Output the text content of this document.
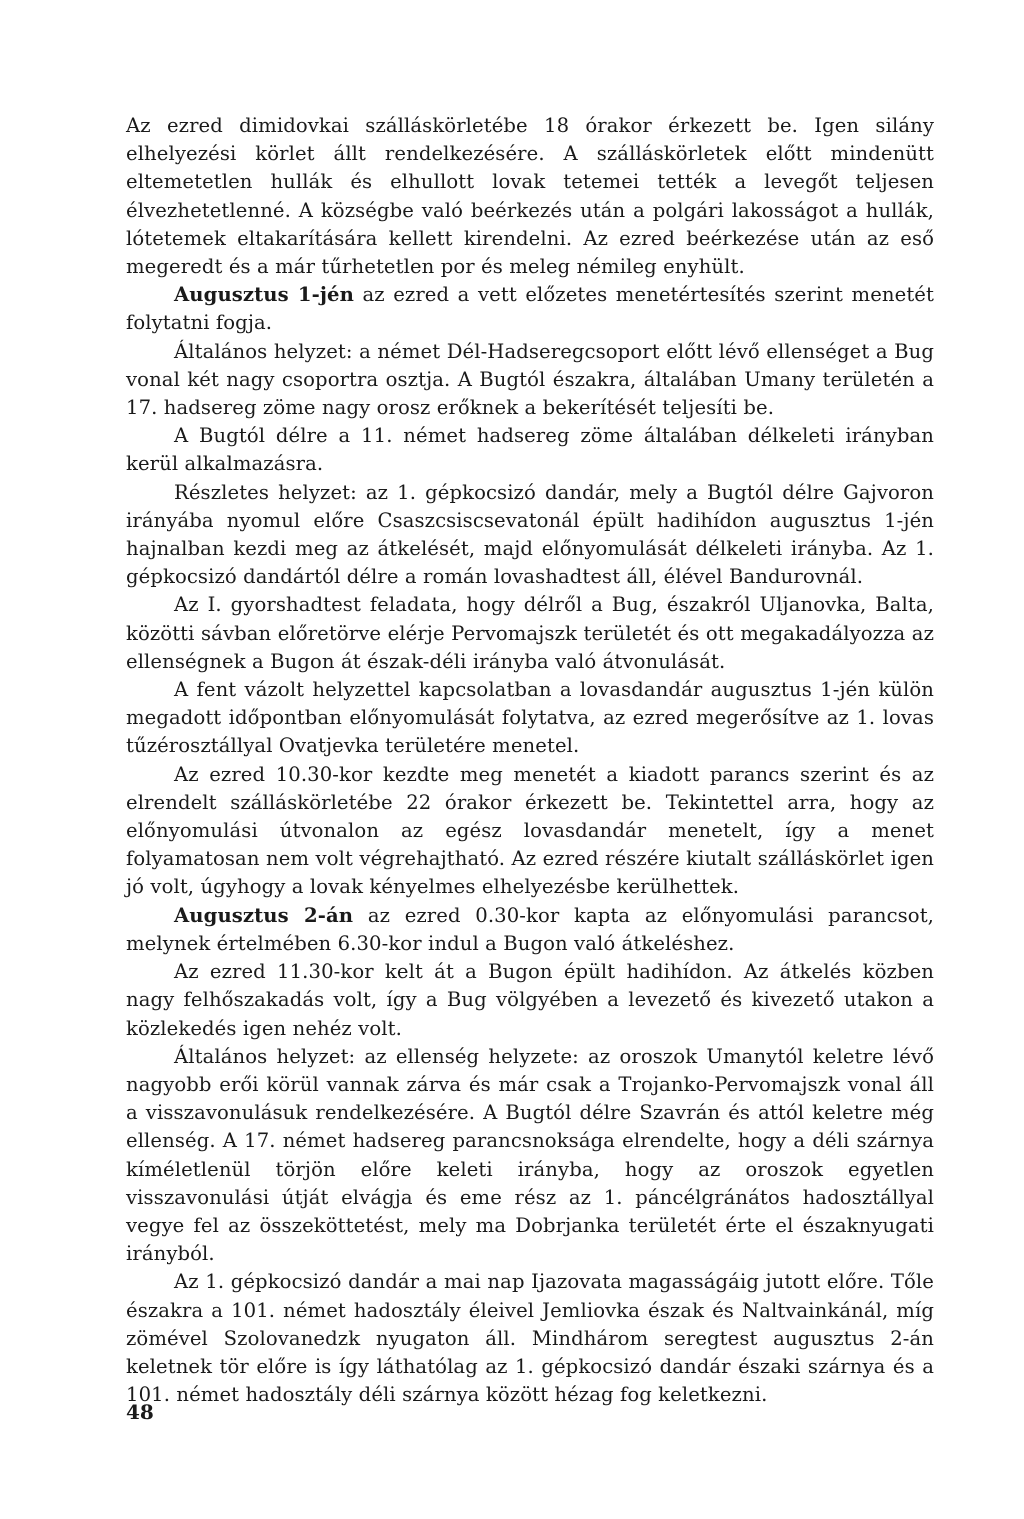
Az ezred dimidovkai szálláskörletébe 18 órakor érkezett be. Igen silány elhelyezési körlet állt rendelkezésére. A szálláskörletek előtt mindenütt eltemetetlen hullák és elhullott lovak tetemei tették a levegőt teljesen élvezhetetlenné. A községbe való beérkezés után a polgári lakosságot a hullák, lótetemek eltakarítására kellett kirendelni. Az ezred beérkezése után az eső megeredt és a már tűrhetetlen por és meleg némileg enyhült.

Augusztus 1-jén az ezred a vett előzetes menetértesítés szerint menetét folytatni fogja.

Általános helyzet: a német Dél-Hadseregcsoport előtt lévő ellenséget a Bug vonal két nagy csoportra osztja. A Bugtól északra, általában Umany területén a 17. hadsereg zöme nagy orosz erőknek a bekerítését teljesíti be.

A Bugtól délre a 11. német hadsereg zöme általában délkeleti irányban kerül alkalmazásra.

Részletes helyzet: az 1. gépkocsizó dandár, mely a Bugtól délre Gajvoron irányába nyomul előre Csaszcsiscsevatonál épült hadihídon augusztus 1-jén hajnalban kezdi meg az átkelését, majd előnyomulását délkeleti irányba. Az 1. gépkocsizó dandártól délre a román lovashadtest áll, élével Bandurovnál.

Az I. gyorshadtest feladata, hogy délről a Bug, északról Uljanovka, Balta, közötti sávban előretörve elérje Pervomajszk területét és ott megakadályozza az ellenségnek a Bugon át észak-déli irányba való átvonulását.

A fent vázolt helyzettel kapcsolatban a lovasdandár augusztus 1-jén külön megadott időpontban előnyomulását folytatva, az ezred megerősítve az 1. lovas tűzérosztállyal Ovatjevka területére menetel.

Az ezred 10.30-kor kezdte meg menetét a kiadott parancs szerint és az elrendelt szálláskörletébe 22 órakor érkezett be. Tekintettel arra, hogy az előnyomulási útvonalon az egész lovasdandár menetelt, így a menet folyamatosan nem volt végrehajtható. Az ezred részére kiutalt szálláskörlet igen jó volt, úgyhogy a lovak kényelmes elhelyezésbe kerülhettek.

Augusztus 2-án az ezred 0.30-kor kapta az előnyomulási parancsot, melynek értelmében 6.30-kor indul a Bugon való átkeléshez.

Az ezred 11.30-kor kelt át a Bugon épült hadihídon. Az átkelés közben nagy felhőszakadás volt, így a Bug völgyében a levezető és kivezető utakon a közlekedés igen nehéz volt.

Általános helyzet: az ellenség helyzete: az oroszok Umanytól keletre lévő nagyobb erői körül vannak zárva és már csak a Trojanko-Pervomajszk vonal áll a visszavonulásuk rendelkezésére. A Bugtól délre Szavrán és attól keletre még ellenség. A 17. német hadsereg parancsnoksága elrendelte, hogy a déli szárnya kíméletlenül törjön előre keleti irányba, hogy az oroszok egyetlen visszavonulási útját elvágja és eme rész az 1. páncélgránátos hadosztállyal vegye fel az összeköttetést, mely ma Dobrjanka területét érte el északnyugati irányból.

Az 1. gépkocsizó dandár a mai nap Ijazovata magasságáig jutott előre. Tőle északra a 101. német hadosztály éleivel Jemliovka észak és Naltvainkánál, míg zömével Szolovanedzk nyugaton áll. Mindhárom seregtest augusztus 2-án keletnek tör előre is így láthatólag az 1. gépkocsizó dandár északi szárnya és a 101. német hadosztály déli szárnya között hézag fog keletkezni.

48
